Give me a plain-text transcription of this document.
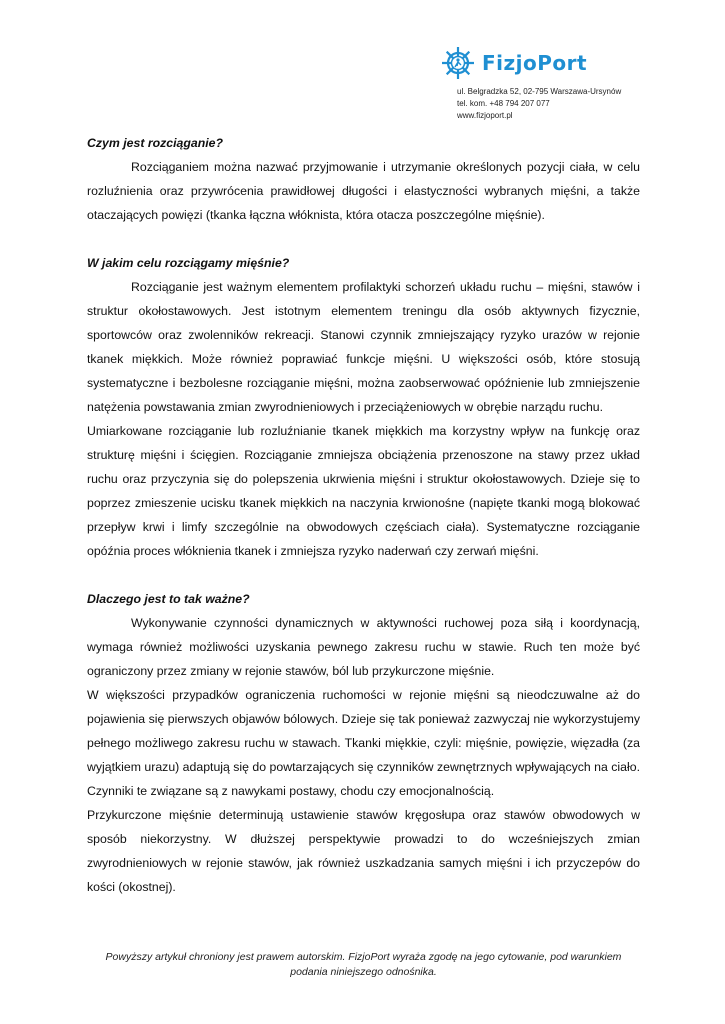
FizjoPort
ul. Belgradzka 52, 02-795 Warszawa-Ursynów
tel. kom. +48 794 207 077
www.fizjoport.pl

Czym jest rozciąganie?

Rozciąganiem można nazwać przyjmowanie i utrzymanie określonych pozycji ciała, w celu rozluźnienia oraz przywrócenia prawidłowej długości i elastyczności wybranych mięśni, a także otaczających powięzi (tkanka łączna włóknista, która otacza poszczególne mięśnie).

W jakim celu rozciągamy mięśnie?

Rozciąganie jest ważnym elementem profilaktyki schorzeń układu ruchu – mięśni, stawów i struktur okołostawowych. Jest istotnym elementem treningu dla osób aktywnych fizycznie, sportowców oraz zwolenników rekreacji. Stanowi czynnik zmniejszający ryzyko urazów w rejonie tkanek miękkich. Może również poprawiać funkcje mięśni. U większości osób, które stosują systematyczne i bezbolesne rozciąganie mięśni, można zaobserwować opóźnienie lub zmniejszenie natężenia powstawania zmian zwyrodnieniowych i przeciążeniowych w obrębie narządu ruchu.

Umiarkowane rozciąganie lub rozluźnianie tkanek miękkich ma korzystny wpływ na funkcję oraz strukturę mięśni i ścięgien. Rozciąganie zmniejsza obciążenia przenoszone na stawy przez układ ruchu oraz przyczynia się do polepszenia ukrwienia mięśni i struktur okołostawowych. Dzieje się to poprzez zmieszenie ucisku tkanek miękkich na naczynia krwionośne (napięte tkanki mogą blokować przepływ krwi i limfy szczególnie na obwodowych częściach ciała). Systematyczne rozciąganie opóźnia proces włóknienia tkanek i zmniejsza ryzyko naderwań czy zerwań mięśni.

Dlaczego jest to tak ważne?

Wykonywanie czynności dynamicznych w aktywności ruchowej poza siłą i koordynacją, wymaga również możliwości uzyskania pewnego zakresu ruchu w stawie. Ruch ten może być ograniczony przez zmiany w rejonie stawów, ból lub przykurczone mięśnie.

W większości przypadków ograniczenia ruchomości w rejonie mięśni są nieodczuwalne aż do pojawienia się pierwszych objawów bólowych. Dzieje się tak ponieważ zazwyczaj nie wykorzystujemy pełnego możliwego zakresu ruchu w stawach. Tkanki miękkie, czyli: mięśnie, powięzie, więzadła (za wyjątkiem urazu) adaptują się do powtarzających się czynników zewnętrznych wpływających na ciało. Czynniki te związane są z nawykami postawy, chodu czy emocjonalnością.

Przykurczone mięśnie determinują ustawienie stawów kręgosłupa oraz stawów obwodowych w sposób niekorzystny. W dłuższej perspektywie prowadzi to do wcześniejszych zmian zwyrodnieniowych w rejonie stawów, jak również uszkadzania samych mięśni i ich przyczepów do kości (okostnej).

Powyższy artykuł chroniony jest prawem autorskim. FizjoPort wyraża zgodę na jego cytowanie, pod warunkiem
podania niniejszego odnośnika.
